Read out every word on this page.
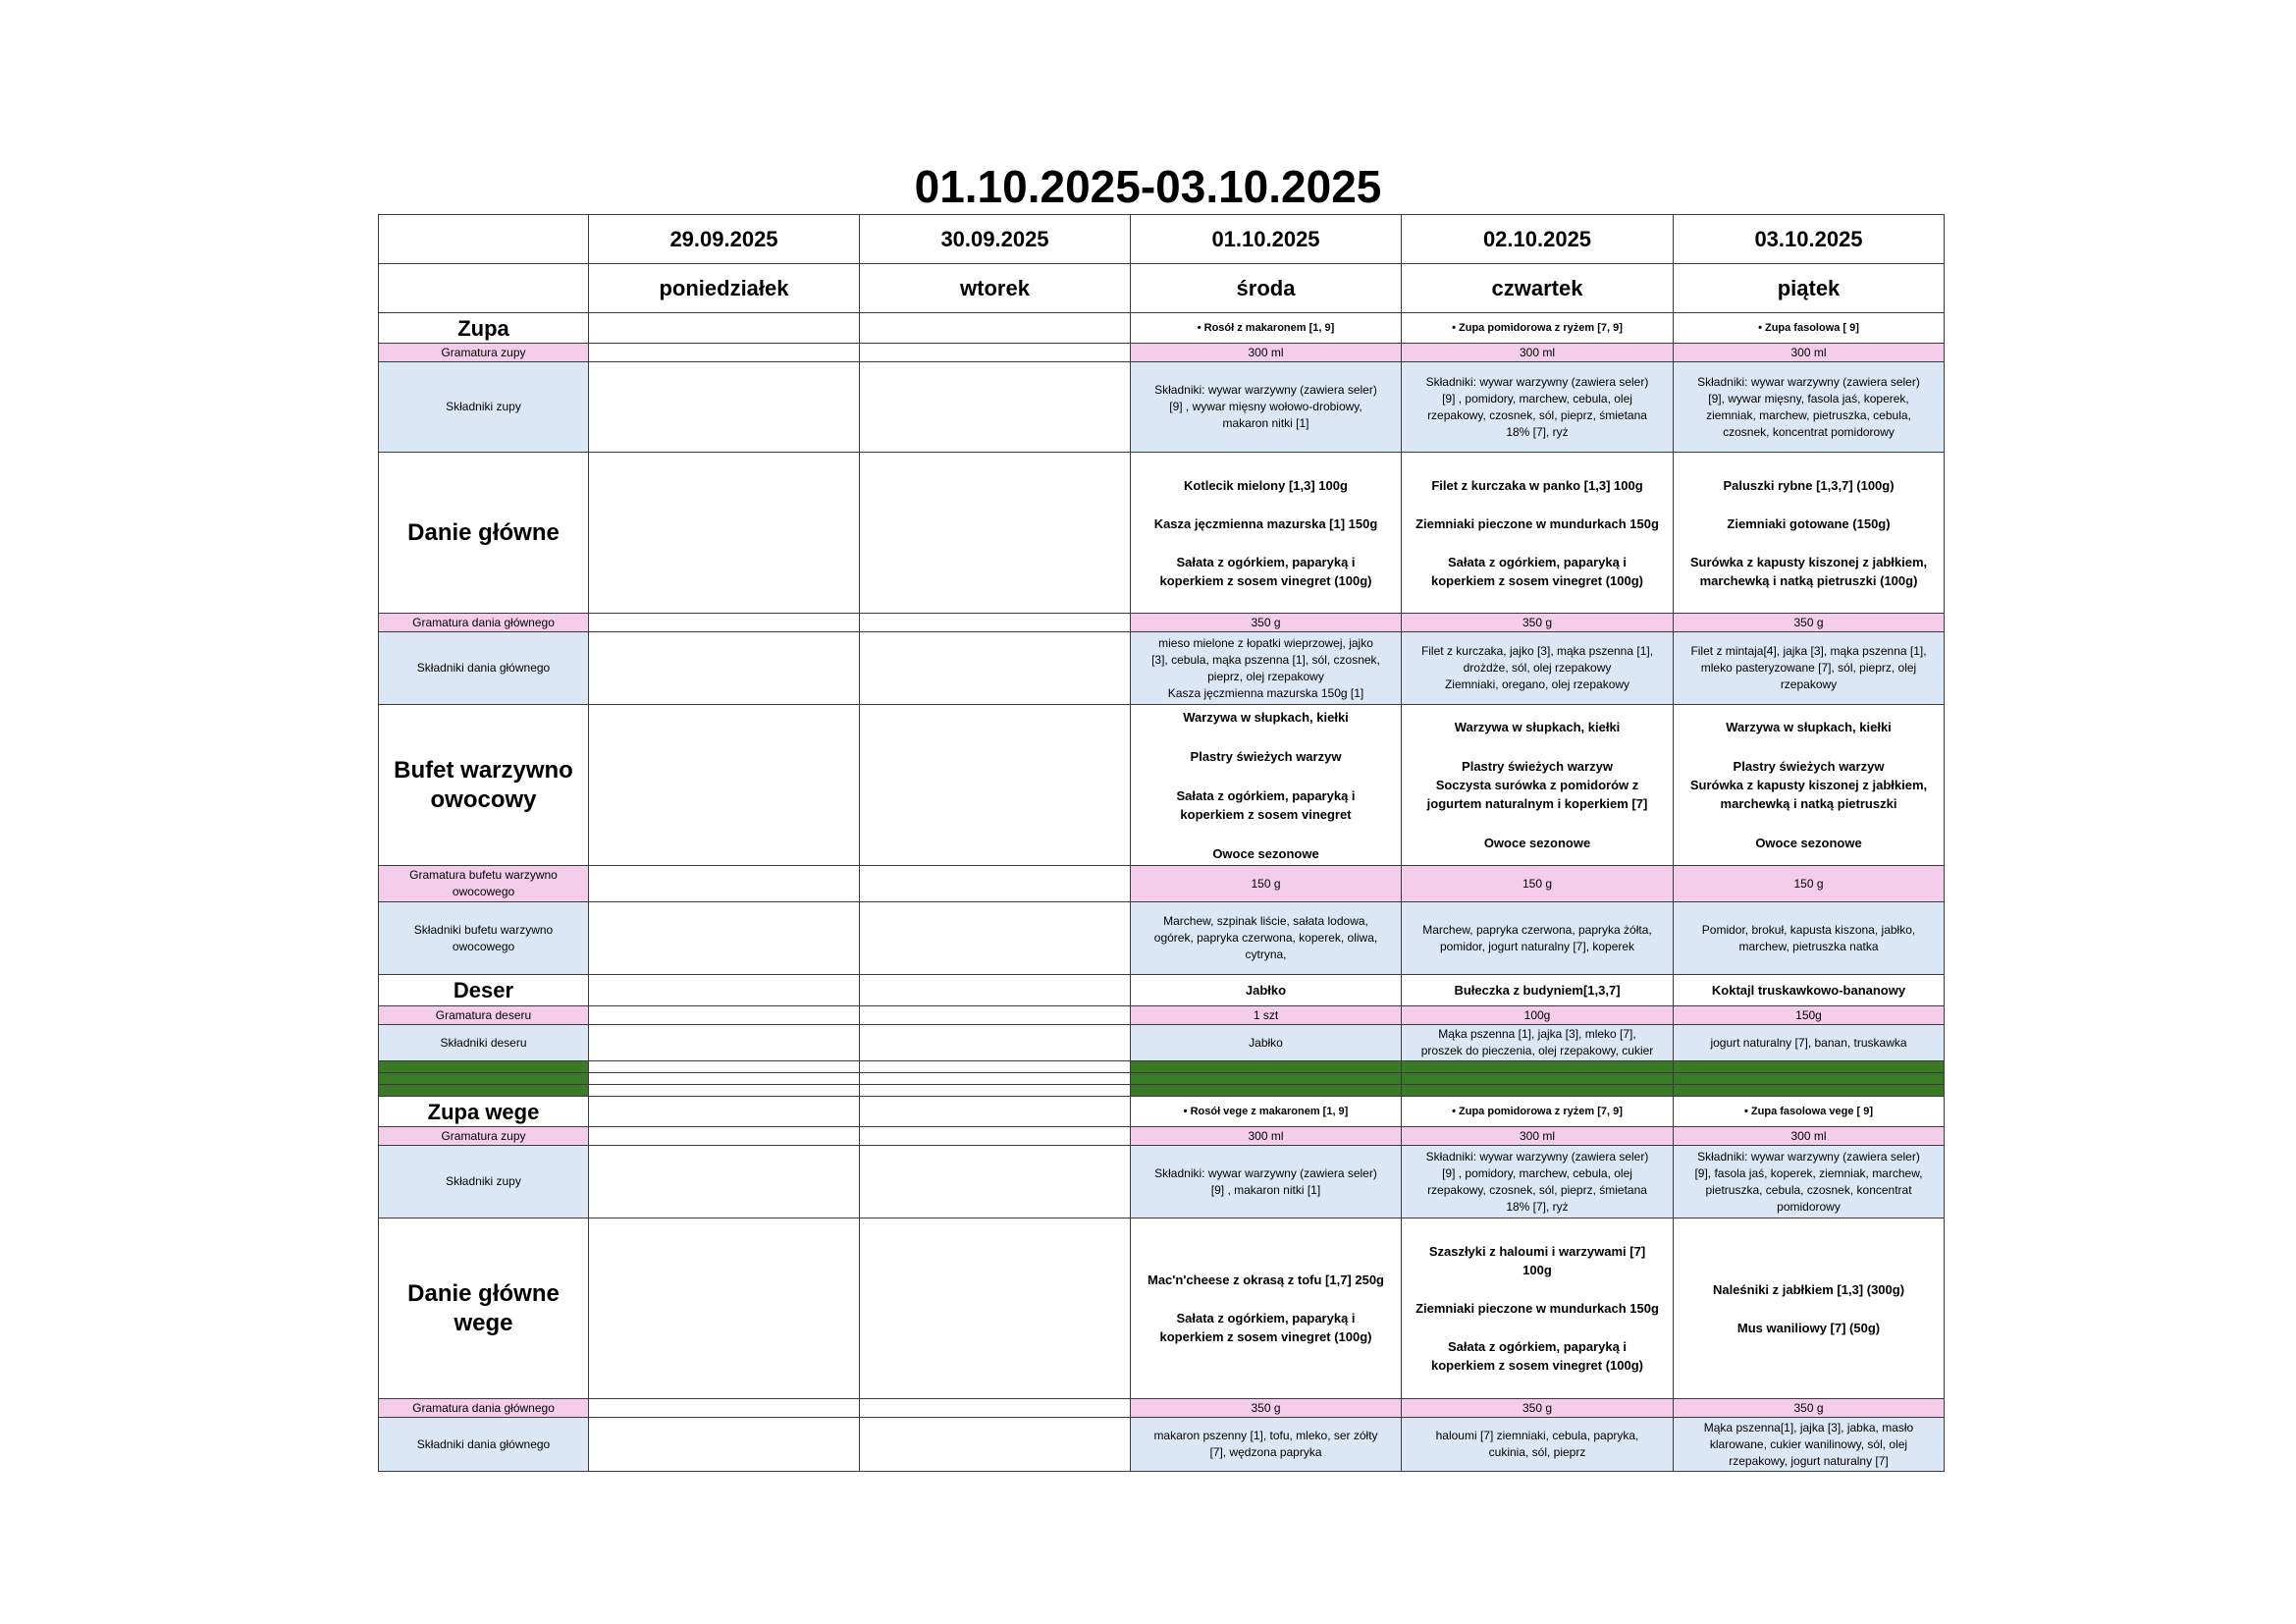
01.10.2025-03.10.2025
	29.09.2025	30.09.2025	01.10.2025	02.10.2025	03.10.2025
	poniedziałek	wtorek	środa	czwartek	piątek
Zupa			• Rosół z makaronem [1, 9]	• Zupa pomidorowa z ryżem [7, 9]	• Zupa fasolowa [ 9]
Gramatura zupy			300 ml	300 ml	300 ml
Składniki zupy			Składniki: wywar warzywny (zawiera seler)
[9] , wywar mięsny wołowo-drobiowy,
makaron nitki [1]	Składniki: wywar warzywny (zawiera seler)
[9] , pomidory, marchew, cebula, olej
rzepakowy, czosnek, sól, pieprz, śmietana
18% [7], ryż	Składniki: wywar warzywny (zawiera seler)
[9], wywar mięsny, fasola jaś, koperek,
ziemniak, marchew, pietruszka, cebula,
czosnek, koncentrat pomidorowy

Danie główne			Kotlecik mielony [1,3] 100g
Kasza jęczmienna mazurska [1] 150g
Sałata z ogórkiem, paparyką i
koperkiem z sosem vinegret (100g)	Filet z kurczaka w panko [1,3] 100g
Ziemniaki pieczone w mundurkach 150g
Sałata z ogórkiem, paparyką i
koperkiem z sosem vinegret (100g)	Paluszki rybne [1,3,7] (100g)
Ziemniaki gotowane (150g)
Surówka z kapusty kiszonej z jabłkiem,
marchewką i natką pietruszki (100g)

Gramatura dania głównego			350 g	350 g	350 g
Składniki dania głównego			mieso mielone z łopatki wieprzowej, jajko
[3], cebula, mąka pszenna [1], sól, czosnek,
pieprz, olej rzepakowy
Kasza jęczmienna mazurska 150g [1]	Filet z kurczaka, jajko [3], mąka pszenna [1],
drożdże, sól, olej rzepakowy
Ziemniaki, oregano, olej rzepakowy	Filet z mintaja[4], jajka [3], mąka pszenna [1],
mleko pasteryzowane [7], sól, pieprz, olej
rzepakowy

Bufet warzywno
owocowy			Warzywa w słupkach, kiełki
Plastry świeżych warzyw
Sałata z ogórkiem, paparyką i
koperkiem z sosem vinegret
Owoce sezonowe	Warzywa w słupkach, kiełki
Plastry świeżych warzyw
Soczysta surówka z pomidorów z
jogurtem naturalnym i koperkiem [7]
Owoce sezonowe	Warzywa w słupkach, kiełki
Plastry świeżych warzyw
Surówka z kapusty kiszonej z jabłkiem,
marchewką i natką pietruszki
Owoce sezonowe

Gramatura bufetu warzywno
owocowego			150 g	150 g	150 g

Składniki bufetu warzywno
owocowego			Marchew, szpinak liście, sałata lodowa,
ogórek, papryka czerwona, koperek, oliwa,
cytryna,	Marchew, papryka czerwona, papryka żółta,
pomidor, jogurt naturalny [7], koperek	Pomidor, brokuł, kapusta kiszona, jabłko,
marchew, pietruszka natka

Deser			Jabłko	Bułeczka z budyniem[1,3,7]	Koktajl truskawkowo-bananowy
Gramatura deseru			1 szt	100g	150g
Składniki deseru			Jabłko	Mąka pszenna [1], jajka [3], mleko [7],
proszek do pieczenia, olej rzepakowy, cukier	jogurt naturalny [7], banan, truskawka

Zupa wege			• Rosół vege z makaronem [1, 9]	• Zupa pomidorowa z ryżem [7, 9]	• Zupa fasolowa vege [ 9]
Gramatura zupy			300 ml	300 ml	300 ml
Składniki zupy			Składniki: wywar warzywny (zawiera seler)
[9] , makaron nitki [1]	Składniki: wywar warzywny (zawiera seler)
[9] , pomidory, marchew, cebula, olej
rzepakowy, czosnek, sól, pieprz, śmietana
18% [7], ryż	Składniki: wywar warzywny (zawiera seler)
[9], fasola jaś, koperek, ziemniak, marchew,
pietruszka, cebula, czosnek, koncentrat
pomidorowy

Danie główne
wege			Mac'n'cheese z okrasą z tofu [1,7] 250g
Sałata z ogórkiem, paparyką i
koperkiem z sosem vinegret (100g)	Szaszłyki z haloumi i warzywami [7]
100g
Ziemniaki pieczone w mundurkach 150g
Sałata z ogórkiem, paparyką i
koperkiem z sosem vinegret (100g)	Naleśniki z jabłkiem [1,3] (300g)
Mus waniliowy [7] (50g)

Gramatura dania głównego			350 g	350 g	350 g
Składniki dania głównego			makaron pszenny [1], tofu, mleko, ser zółty
[7], wędzona papryka	haloumi [7] ziemniaki, cebula, papryka,
cukinia, sól, pieprz	Mąka pszenna[1], jajka [3], jabka, masło
klarowane, cukier wanilinowy, sól, olej
rzepakowy, jogurt naturalny [7]
